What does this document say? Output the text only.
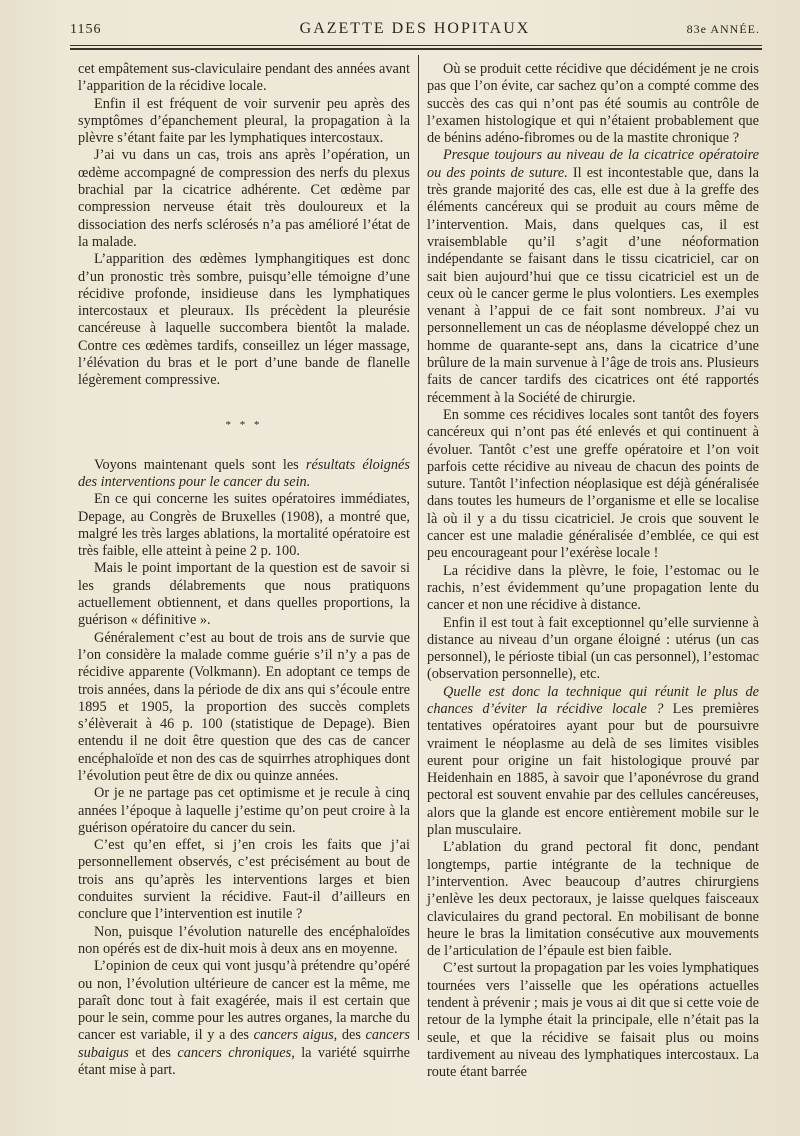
1156	GAZETTE DES HOPITAUX	83e ANNÉE.

cet empâtement sus-claviculaire pendant des années avant l’apparition de la récidive locale.

Enfin il est fréquent de voir survenir peu après des symptômes d’épanchement pleural, la propagation à la plèvre s’étant faite par les lymphatiques intercostaux.

J’ai vu dans un cas, trois ans après l’opération, un œdème accompagné de compression des nerfs du plexus brachial par la cicatrice adhérente. Cet œdème par compression nerveuse était très douloureux et la dissociation des nerfs sclérosés n’a pas amélioré l’état de la malade.

L’apparition des œdèmes lymphangitiques est donc d’un pronostic très sombre, puisqu’elle témoigne d’une récidive profonde, insidieuse dans les lymphatiques intercostaux et pleuraux. Ils précèdent la pleurésie cancéreuse à laquelle succombera bientôt la malade. Contre ces œdèmes tardifs, conseillez un léger massage, l’élévation du bras et le port d’une bande de flanelle légèrement compressive.

* * *

Voyons maintenant quels sont les résultats éloignés des interventions pour le cancer du sein.

En ce qui concerne les suites opératoires immédiates, Depage, au Congrès de Bruxelles (1908), a montré que, malgré les très larges ablations, la mortalité opératoire est très faible, elle atteint à peine 2 p. 100.

Mais le point important de la question est de savoir si les grands délabrements que nous pratiquons actuellement obtiennent, et dans quelles proportions, la guérison « définitive ».

Généralement c’est au bout de trois ans de survie que l’on considère la malade comme guérie s’il n’y a pas de récidive apparente (Volkmann). En adoptant ce temps de trois années, dans la période de dix ans qui s’écoule entre 1895 et 1905, la proportion des succès complets s’élèverait à 46 p. 100 (statistique de Depage). Bien entendu il ne doit être question que des cas de cancer encéphaloïde et non des cas de squirrhes atrophiques dont l’évolution peut être de dix ou quinze années.

Or je ne partage pas cet optimisme et je recule à cinq années l’époque à laquelle j’estime qu’on peut croire à la guérison opératoire du cancer du sein.

C’est qu’en effet, si j’en crois les faits que j’ai personnellement observés, c’est précisément au bout de trois ans qu’après les interventions larges et bien conduites survient la récidive. Faut-il d’ailleurs en conclure que l’intervention est inutile ?

Non, puisque l’évolution naturelle des encéphaloïdes non opérés est de dix-huit mois à deux ans en moyenne.

L’opinion de ceux qui vont jusqu’à prétendre qu’opéré ou non, l’évolution ultérieure de cancer est la même, me paraît donc tout à fait exagérée, mais il est certain que pour le sein, comme pour les autres organes, la marche du cancer est variable, il y a des cancers aigus, des cancers subaigus et des cancers chroniques, la variété squirrhe étant mise à part.

Où se produit cette récidive que décidément je ne crois pas que l’on évite, car sachez qu’on a compté comme des succès des cas qui n’ont pas été soumis au contrôle de l’examen histologique et qui n’étaient probablement que de bénins adéno-fibromes ou de la mastite chronique ?

Presque toujours au niveau de la cicatrice opératoire ou des points de suture. Il est incontestable que, dans la très grande majorité des cas, elle est due à la greffe des éléments cancéreux qui se produit au cours même de l’intervention. Mais, dans quelques cas, il est vraisemblable qu’il s’agit d’une néoformation indépendante se faisant dans le tissu cicatriciel, car on sait bien aujourd’hui que ce tissu cicatriciel est un de ceux où le cancer germe le plus volontiers. Les exemples venant à l’appui de ce fait sont nombreux. J’ai vu personnellement un cas de néoplasme développé chez un homme de quarante-sept ans, dans la cicatrice d’une brûlure de la main survenue à l’âge de trois ans. Plusieurs faits de cancer tardifs des cicatrices ont été rapportés récemment à la Société de chirurgie.

En somme ces récidives locales sont tantôt des foyers cancéreux qui n’ont pas été enlevés et qui continuent à évoluer. Tantôt c’est une greffe opératoire et l’on voit parfois cette récidive au niveau de chacun des points de suture. Tantôt l’infection néoplasique est déjà généralisée dans toutes les humeurs de l’organisme et elle se localise là où il y a du tissu cicatriciel. Je crois que souvent le cancer est une maladie généralisée d’emblée, ce qui est peu encourageant pour l’exérèse locale !

La récidive dans la plèvre, le foie, l’estomac ou le rachis, n’est évidemment qu’une propagation lente du cancer et non une récidive à distance.

Enfin il est tout à fait exceptionnel qu’elle survienne à distance au niveau d’un organe éloigné : utérus (un cas personnel), le périoste tibial (un cas personnel), l’estomac (observation personnelle), etc.

Quelle est donc la technique qui réunit le plus de chances d’éviter la récidive locale ? Les premières tentatives opératoires ayant pour but de poursuivre vraiment le néoplasme au delà de ses limites visibles eurent pour origine un fait histologique prouvé par Heidenhain en 1885, à savoir que l’aponévrose du grand pectoral est souvent envahie par des cellules cancéreuses, alors que la glande est encore entièrement mobile sur le plan musculaire.

L’ablation du grand pectoral fit donc, pendant longtemps, partie intégrante de la technique de l’intervention. Avec beaucoup d’autres chirurgiens j’enlève les deux pectoraux, je laisse quelques faisceaux claviculaires du grand pectoral. En mobilisant de bonne heure le bras la limitation consécutive aux mouvements de l’articulation de l’épaule est bien faible.

C’est surtout la propagation par les voies lymphatiques tournées vers l’aisselle que les opérations actuelles tendent à prévenir ; mais je vous ai dit que si cette voie de retour de la lymphe était la principale, elle n’était pas la seule, et que la récidive se faisait plus ou moins tardivement au niveau des lymphatiques intercostaux. La route étant barrée
